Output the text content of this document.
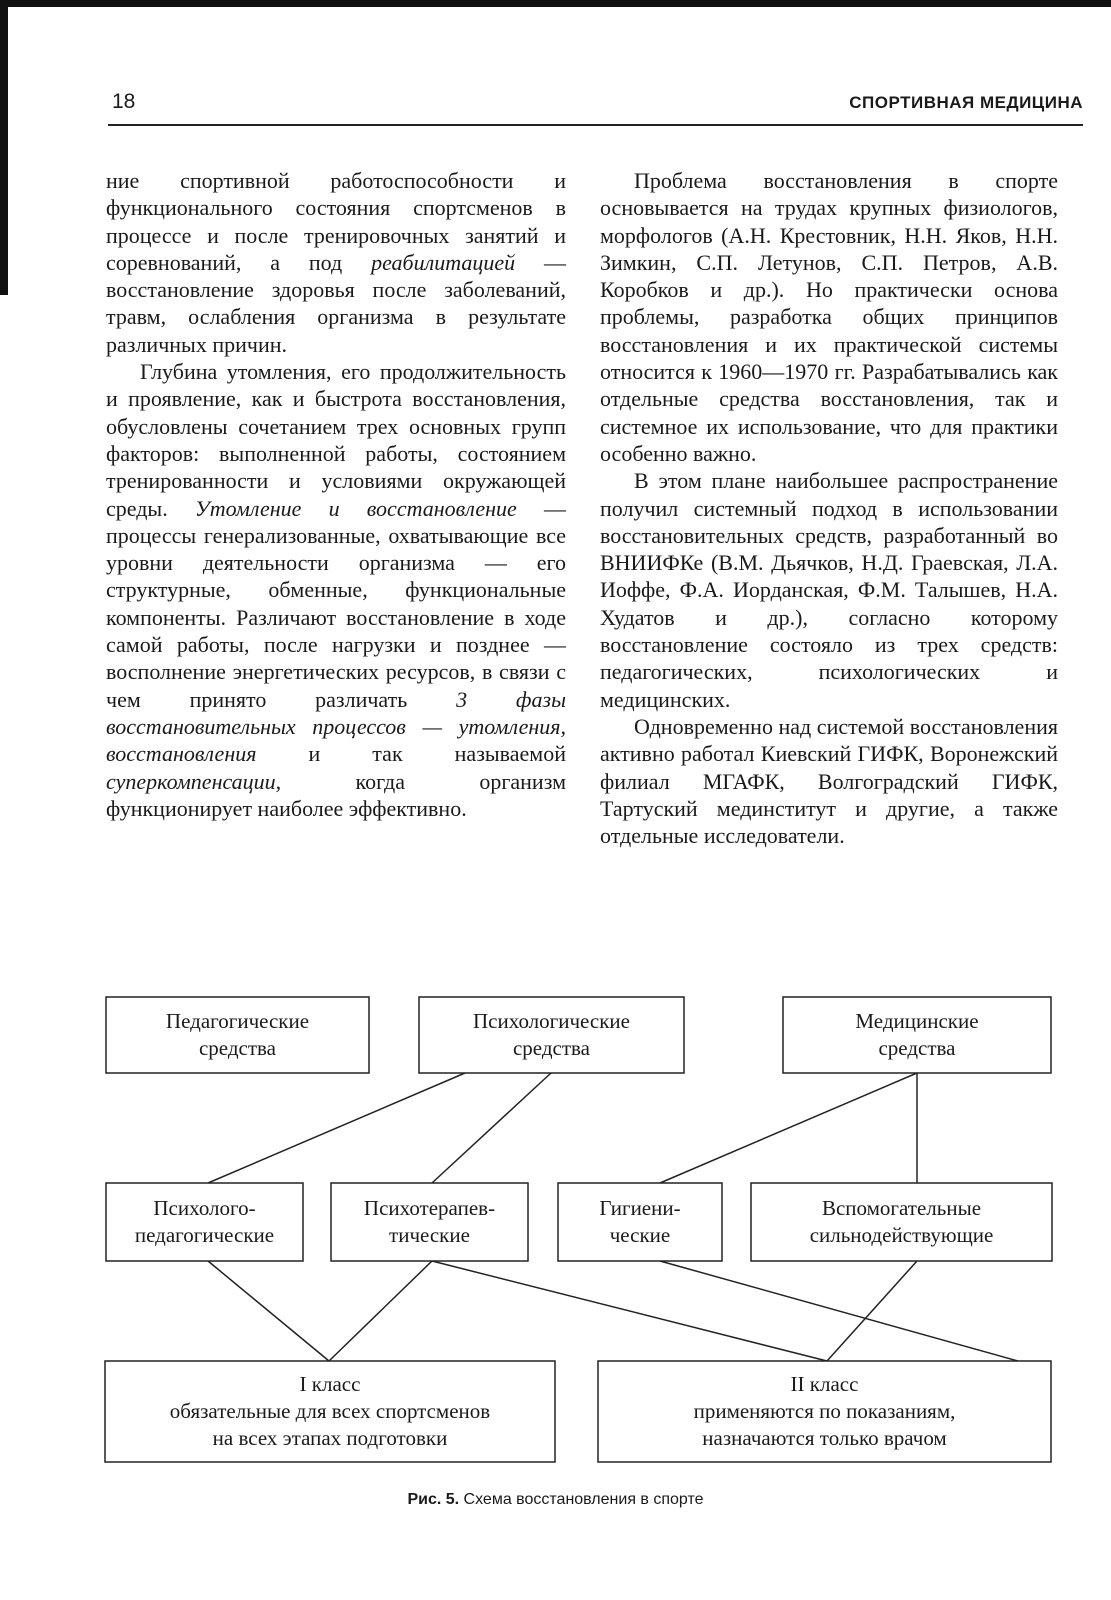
18	СПОРТИВНАЯ МЕДИЦИНА

ние спортивной работоспособности и функционального состояния спортсменов в процессе и после тренировочных занятий и соревнований, а под реабилитацией — восстановление здоровья после заболеваний, травм, ослабления организма в результате различных причин.

Глубина утомления, его продолжительность и проявление, как и быстрота восстановления, обусловлены сочетанием трех основных групп факторов: выполненной работы, состоянием тренированности и условиями окружающей среды. Утомление и восстановление — процессы генерализованные, охватывающие все уровни деятельности организма — его структурные, обменные, функциональные компоненты. Различают восстановление в ходе самой работы, после нагрузки и позднее — восполнение энергетических ресурсов, в связи с чем принято различать 3 фазы восстановительных процессов — утомления, восстановления и так называемой суперкомпенсации, когда организм функционирует наиболее эффективно.

Проблема восстановления в спорте основывается на трудах крупных физиологов, морфологов (А.Н. Крестовник, Н.Н. Яков, Н.Н. Зимкин, С.П. Летунов, С.П. Петров, А.В. Коробков и др.). Но практически основа проблемы, разработка общих принципов восстановления и их практической системы относится к 1960—1970 гг. Разрабатывались как отдельные средства восстановления, так и системное их использование, что для практики особенно важно.

В этом плане наибольшее распространение получил системный подход в использовании восстановительных средств, разработанный во ВНИИФКе (В.М. Дьячков, Н.Д. Граевская, Л.А. Иоффе, Ф.А. Иорданская, Ф.М. Талышев, Н.А. Худатов и др.), согласно которому восстановление состояло из трех средств: педагогических, психологических и медицинских.

Одновременно над системой восстановления активно работал Киевский ГИФК, Воронежский филиал МГАФК, Волгоградский ГИФК, Тартуский мединститут и другие, а также отдельные исследователи.

Педагогические
средства
Психологические
средства
Медицинские
средства
Психолого-
педагогические
Психотерапев-
тические
Гигиени-
ческие
Вспомогательные
сильнодействующие
I класс
обязательные для всех спортсменов
на всех этапах подготовки
II класс
применяются по показаниям,
назначаются только врачом
Рис. 5. Схема восстановления в спорте
